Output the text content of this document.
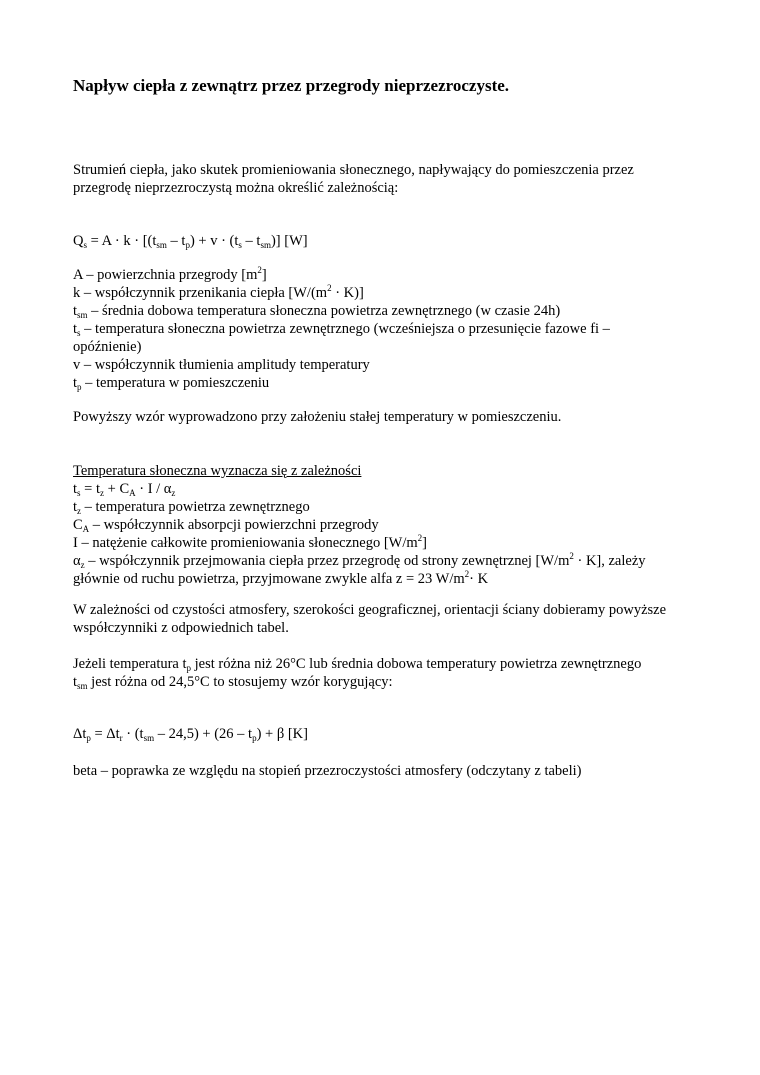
Napływ ciepła z zewnątrz przez przegrody nieprzezroczyste.
Strumień ciepła, jako skutek promieniowania słonecznego, napływający do pomieszczenia przez przegrodę nieprzezroczystą można określić zależnością:
$Q_s = A \cdot k \cdot [(t_{sm} - t_p) + v \cdot (t_s - t_{sm})]$ [W]
A – powierzchnia przegrody $[m^2]$
k – współczynnik przenikania ciepła $[W/(m^2 \cdot K)]$
$t_{sm}$ – średnia dobowa temperatura słoneczna powietrza zewnętrznego (w czasie 24h)
$t_s$ – temperatura słoneczna powietrza zewnętrznego (wcześniejsza o przesunięcie fazowe fi – opóźnienie)
v – współczynnik tłumienia amplitudy temperatury
$t_p$ – temperatura w pomieszczeniu
Powyższy wzór wyprowadzono przy założeniu stałej temperatury w pomieszczeniu.
Temperatura słoneczna wyznacza się z zależności
$t_s = t_z + C_A \cdot I / \alpha_z$
$t_z$ – temperatura powietrza zewnętrznego
$C_A$ – współczynnik absorpcji powierzchni przegrody
I – natężenie całkowite promieniowania słonecznego $[W/m^2]$
$\alpha_z$ – współczynnik przejmowania ciepła przez przegrodę od strony zewnętrznej $[W/m^2 \cdot K]$, zależy głównie od ruchu powietrza, przyjmowane zwykle alfa z = 23 $W/m^2\cdot K$
W zależności od czystości atmosfery, szerokości geograficznej, orientacji ściany dobieramy powyższe współczynniki z odpowiednich tabel.
Jeżeli temperatura $t_p$ jest różna niż 26°C lub średnia dobowa temperatury powietrza zewnętrznego
$t_{sm}$ jest różna od 24,5°C to stosujemy wzór korygujący:
$\Delta t_p = \Delta t_r \cdot (t_{sm} - 24,5) + (26 - t_p) + \beta$ [K]
beta – poprawka ze względu na stopień przezroczystości atmosfery (odczytany z tabeli)
